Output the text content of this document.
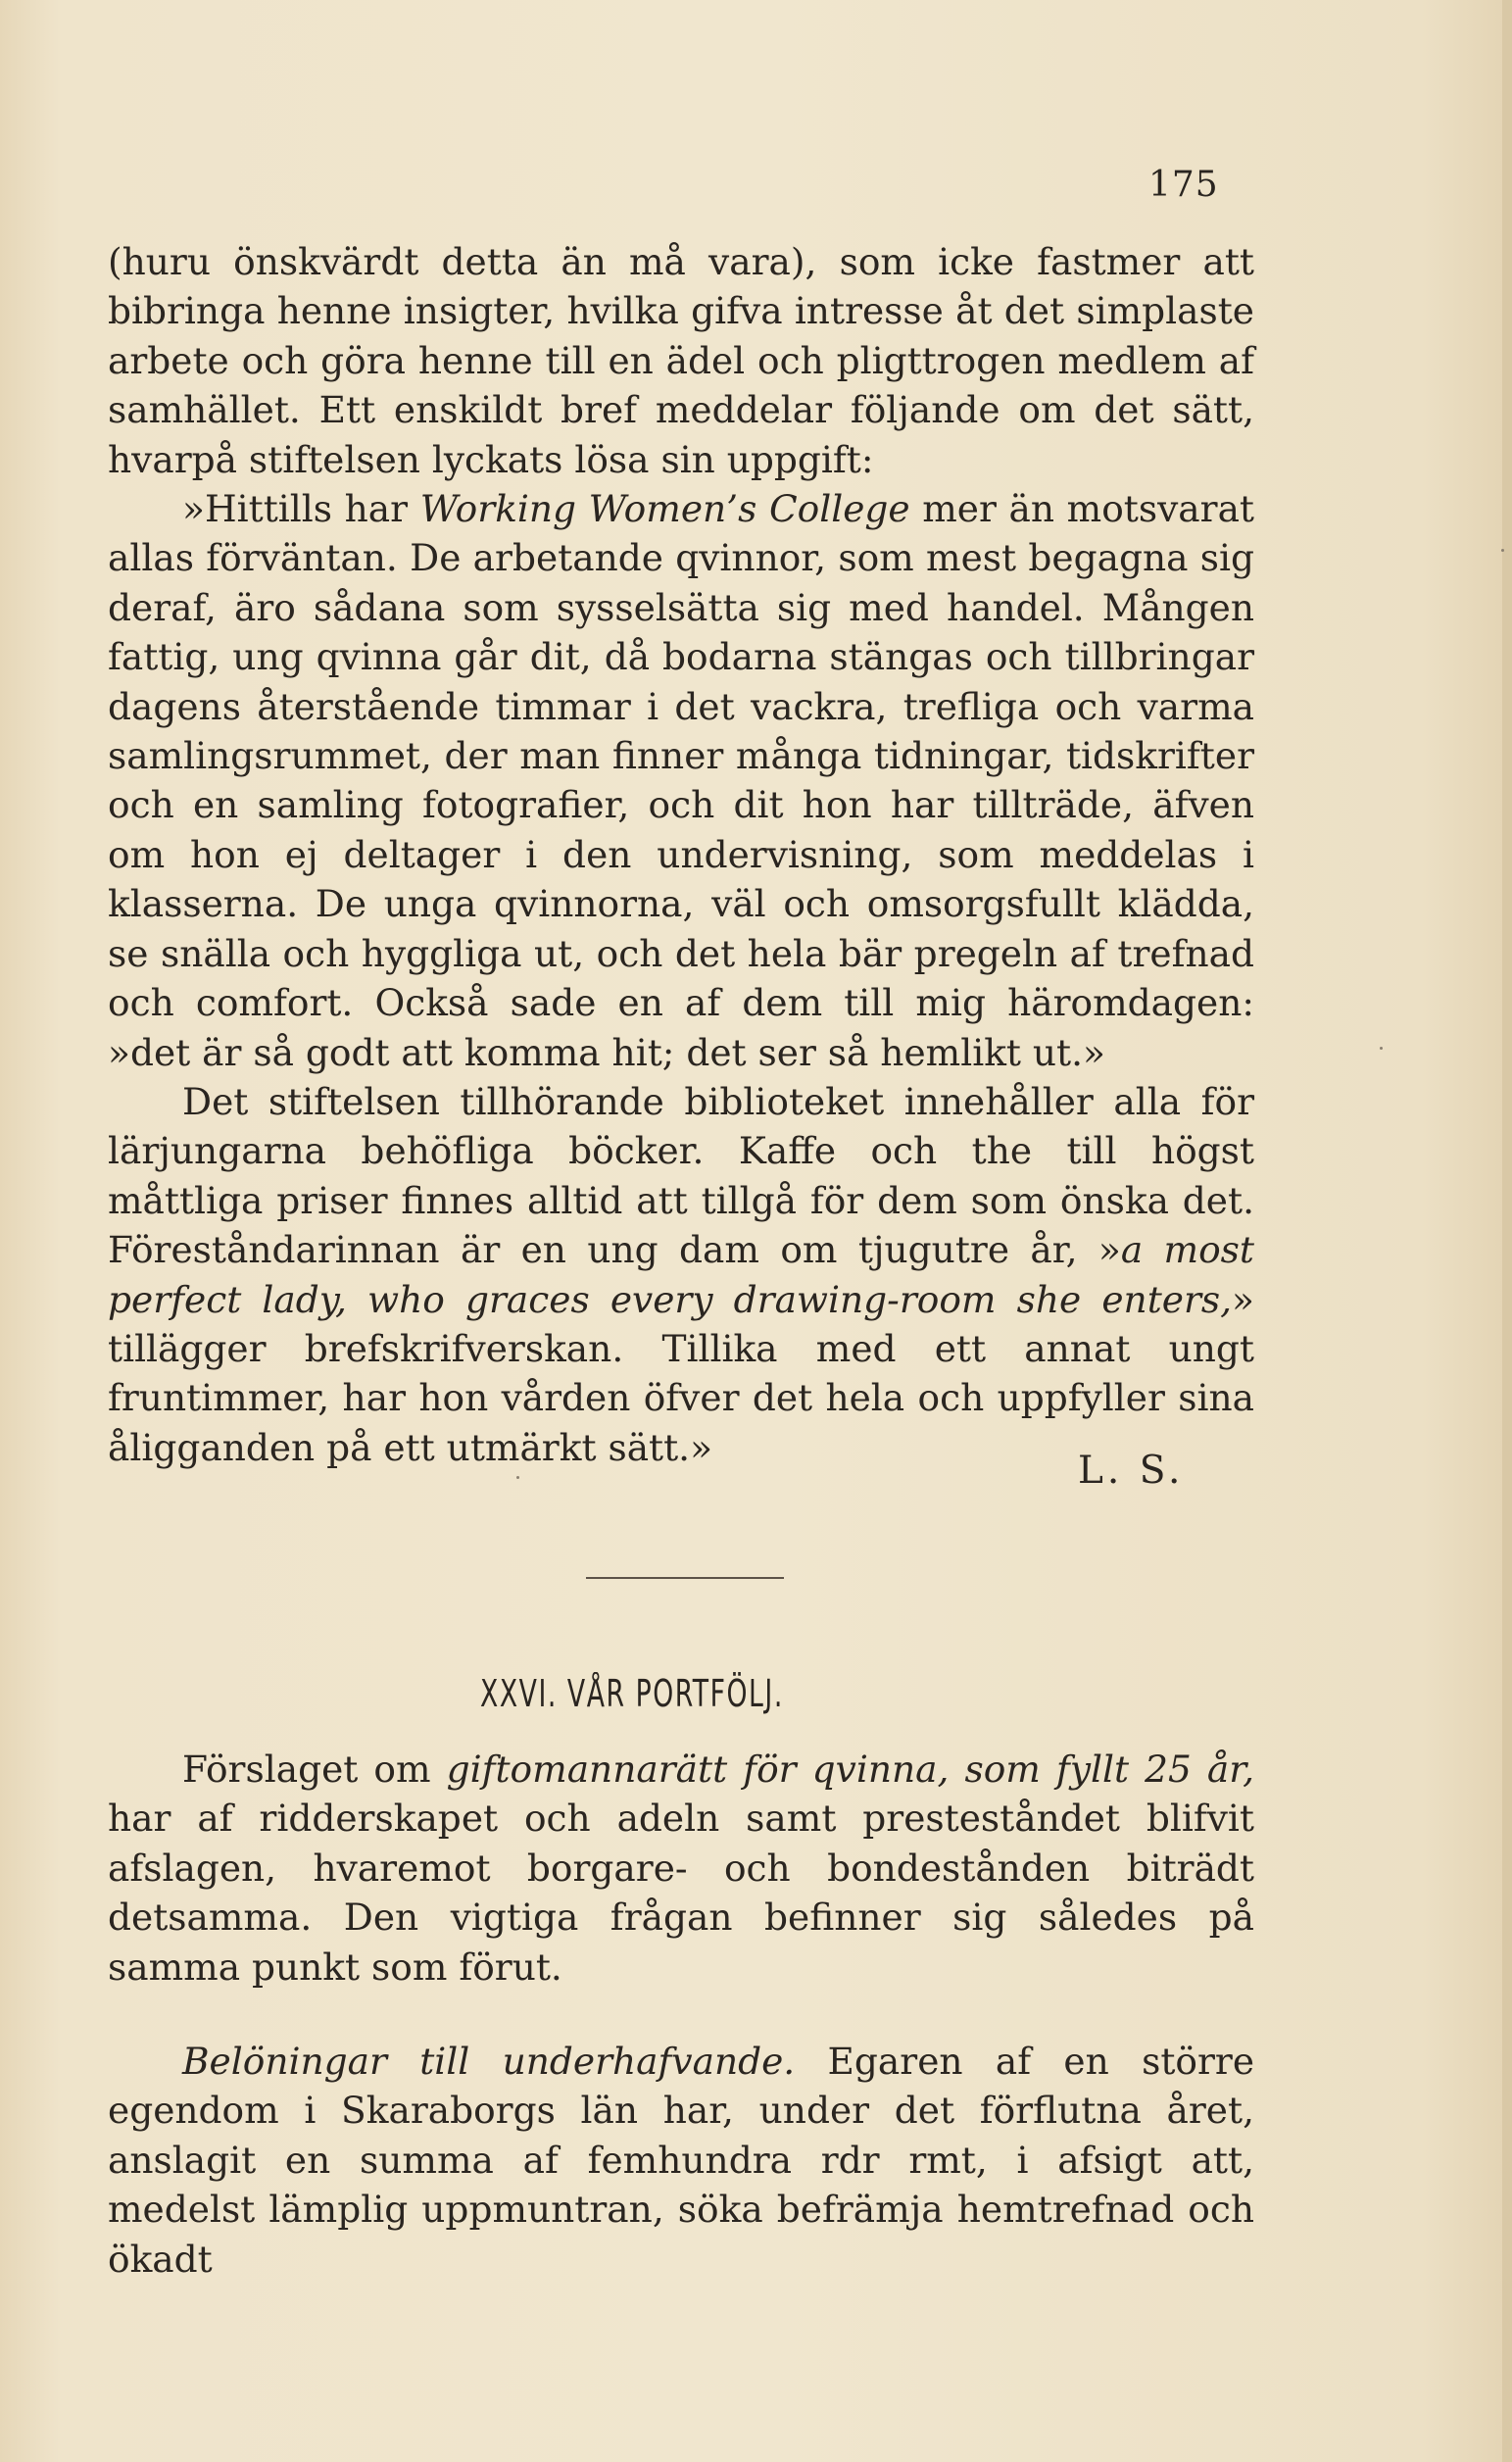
175

(huru önskvärdt detta än må vara), som icke fastmer att bibringa henne insigter, hvilka gifva intresse åt det simplaste arbete och göra henne till en ädel och pligttrogen medlem af samhället. Ett enskildt bref meddelar följande om det sätt, hvarpå stiftelsen lyckats lösa sin uppgift:

»Hittills har Working Women’s College mer än motsvarat allas förväntan. De arbetande qvinnor, som mest begagna sig deraf, äro sådana som sysselsätta sig med handel. Mången fattig, ung qvinna går dit, då bodarna stängas och tillbringar dagens återstående timmar i det vackra, trefliga och varma samlingsrummet, der man finner många tidningar, tidskrifter och en samling fotografier, och dit hon har tillträde, äfven om hon ej deltager i den undervisning, som meddelas i klasserna. De unga qvinnorna, väl och omsorgsfullt klädda, se snälla och hyggliga ut, och det hela bär pregeln af trefnad och comfort. Också sade en af dem till mig häromdagen: »det är så godt att komma hit; det ser så hemlikt ut.»

Det stiftelsen tillhörande biblioteket innehåller alla för lärjungarna behöfliga böcker. Kaffe och the till högst måttliga priser finnes alltid att tillgå för dem som önska det. Föreståndarinnan är en ung dam om tjugutre år, »a most perfect lady, who graces every drawing-room she enters,» tillägger brefskrifverskan. Tillika med ett annat ungt fruntimmer, har hon vården öfver det hela och uppfyller sina åligganden på ett utmärkt sätt.»

L. S.
XXVI. VÅR PORTFÖLJ.

Förslaget om giftomannarätt för qvinna, som fyllt 25 år, har af ridderskapet och adeln samt presteståndet blifvit afslagen, hvaremot borgare- och bondestånden biträdt detsamma. Den vigtiga frågan befinner sig således på samma punkt som förut.

Belöningar till underhafvande. Egaren af en större egendom i Skaraborgs län har, under det förflutna året, anslagit en summa af femhundra rdr rmt, i afsigt att, medelst lämplig uppmuntran, söka befrämja hemtrefnad och ökadt
